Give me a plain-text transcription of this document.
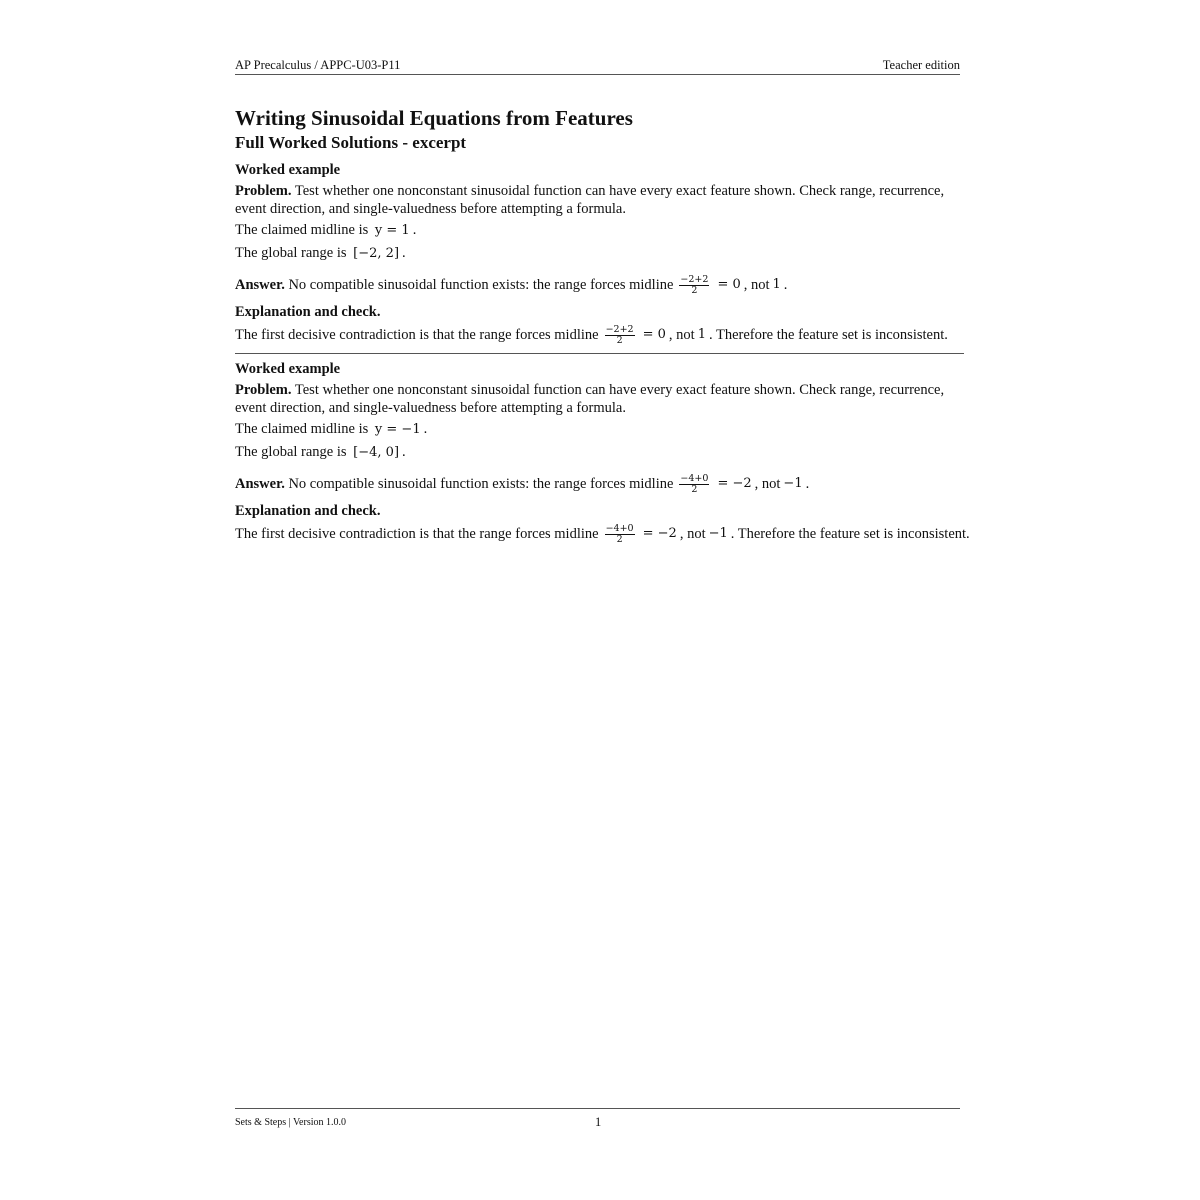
AP Precalculus / APPC-U03-P11	Teacher edition
Writing Sinusoidal Equations from Features
Full Worked Solutions - excerpt
Worked example
Problem. Test whether one nonconstant sinusoidal function can have every exact feature shown. Check range, recurrence, event direction, and single-valuedness before attempting a formula.
The claimed midline is y = 1 .
The global range is [−2, 2] .
Answer.
No compatible sinusoidal function exists: the range forces midline $\frac{-2+2}{2} = 0$ , not 1 .
Explanation and check.
The first decisive contradiction is that the range forces midline $\frac{-2+2}{2} = 0$ , not 1 . Therefore the feature set is inconsistent.
Worked example
Problem. Test whether one nonconstant sinusoidal function can have every exact feature shown. Check range, recurrence, event direction, and single-valuedness before attempting a formula.
The claimed midline is y = −1 .
The global range is [−4, 0] .
Answer.
No compatible sinusoidal function exists: the range forces midline $\frac{-4+0}{2} = -2$ , not −1 .
Explanation and check.
The first decisive contradiction is that the range forces midline $\frac{-4+0}{2} = -2$ , not −1 . Therefore the feature set is inconsistent.
Sets & Steps | Version 1.0.0	1
